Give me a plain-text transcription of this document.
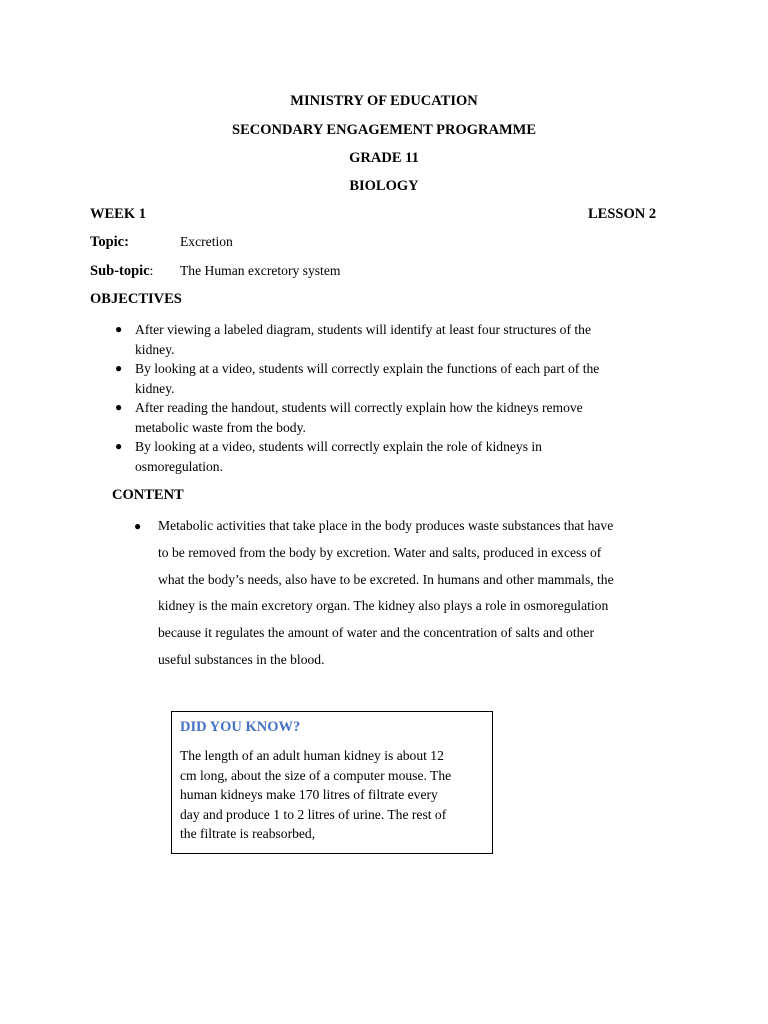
MINISTRY OF EDUCATION
SECONDARY ENGAGEMENT PROGRAMME
GRADE 11
BIOLOGY
WEEK 1	LESSON 2
Topic:	Excretion
Sub-topic: The Human excretory system
OBJECTIVES
● After viewing a labeled diagram, students will identify at least four structures of the
kidney.
● By looking at a video, students will correctly explain the functions of each part of the
kidney.
● After reading the handout, students will correctly explain how the kidneys remove
metabolic waste from the body.
● By looking at a video, students will correctly explain the role of kidneys in
osmoregulation.
CONTENT
● Metabolic activities that take place in the body produces waste substances that have
to be removed from the body by excretion. Water and salts, produced in excess of
what the body’s needs, also have to be excreted. In humans and other mammals, the
kidney is the main excretory organ. The kidney also plays a role in osmoregulation
because it regulates the amount of water and the concentration of salts and other
useful substances in the blood.
DID YOU KNOW?
The length of an adult human kidney is about 12
cm long, about the size of a computer mouse. The
human kidneys make 170 litres of filtrate every
day and produce 1 to 2 litres of urine. The rest of
the filtrate is reabsorbed,
